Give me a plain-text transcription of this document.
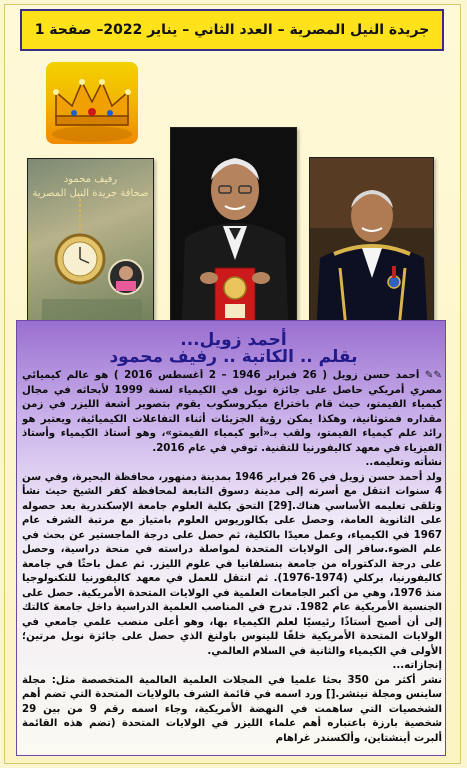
جريدة النيل المصرية – العدد الثاني – يناير 2022– صفحة 1
رفيف محمود
صحافة جريدة النيل المصرية
أحمد زويل...
بقلم .. الكاتبة .. رفيف محمود

✎✎ أحمد حسن زويل ( 26 فبراير 1946 – 2 أغسطس 2016 ) هو عالم كيميائي مصري أمريكي حاصل على جائزة نوبل في الكيمياء لسنة 1999 لأبحاثه في مجال كيمياء الفيمتو، حيث قام باختراع ميكروسكوب يقوم بتصوير أشعة الليزر في زمن مقداره فمتوثانية، وهكذا يمكن رؤية الجزيئات أثناء التفاعلات الكيميائية، ويعتبر هو رائد علم كيمياء الفيمتو، ولقب بـ«أبو كيمياء الفيمتو»، وهو أستاذ الكيمياء وأستاذ الفيزياء في معهد كاليفورنيا للتقنية. توفي في عام 2016.

نشأته وتعليمه..

ولد أحمد حسن زويل في 26 فبراير 1946 بمدينة دمنهور، محافظة البحيرة، وفي سن 4 سنوات انتقل مع أسرته إلى مدينة دسوق التابعة لمحافظة كفر الشيخ حيث نشأ وتلقى تعليمه الأساسي هناك.[29] التحق بكلية العلوم جامعة الإسكندرية بعد حصوله على الثانوية العامة، وحصل على بكالوريوس العلوم بامتياز مع مرتبة الشرف عام 1967 في الكيمياء، وعمل معيدًا بالكلية، ثم حصل على درجة الماجستير عن بحث في علم الضوء.سافر إلى الولايات المتحدة لمواصلة دراسته في منحة دراسية، وحصل على درجة الدكتوراه من جامعة بنسلفانيا في علوم الليزر. ثم عمل باحثًا في جامعة كاليفورنيا، بركلي (1974-1976). ثم انتقل للعمل في معهد كاليفورنيا للتكنولوجيا منذ 1976، وهي من أكبر الجامعات العلمية في الولايات المتحدة الأمريكية. حصل على الجنسية الأمريكية عام 1982. تدرج في المناصب العلمية الدراسية داخل جامعة كالتك إلى أن أصبح أستاذًا رئيسيًا لعلم الكيمياء بها، وهو أعلى منصب علمي جامعي في الولايات المتحدة الأمريكية خلفًا للينوس باولنغ الذي حصل على جائزة نوبل مرتين؛ الأولى في الكيمياء والثانية في السلام العالمي.

إنجازاته...

نشر أكثر من 350 بحثا علميا في المجلات العلمية العالمية المتخصصة مثل: مجلة ساينس ومجلة نيتشر.[] ورد اسمه في قائمة الشرف بالولايات المتحدة التي تضم أهم الشخصيات التي ساهمت في النهضة الأمريكية، وجاء اسمه رقم 9 من بين 29 شخصية بارزة باعتباره أهم علماء الليزر في الولايات المتحدة (تضم هذه القائمة ألبرت أينشتاين، وألكسندر غراهام
